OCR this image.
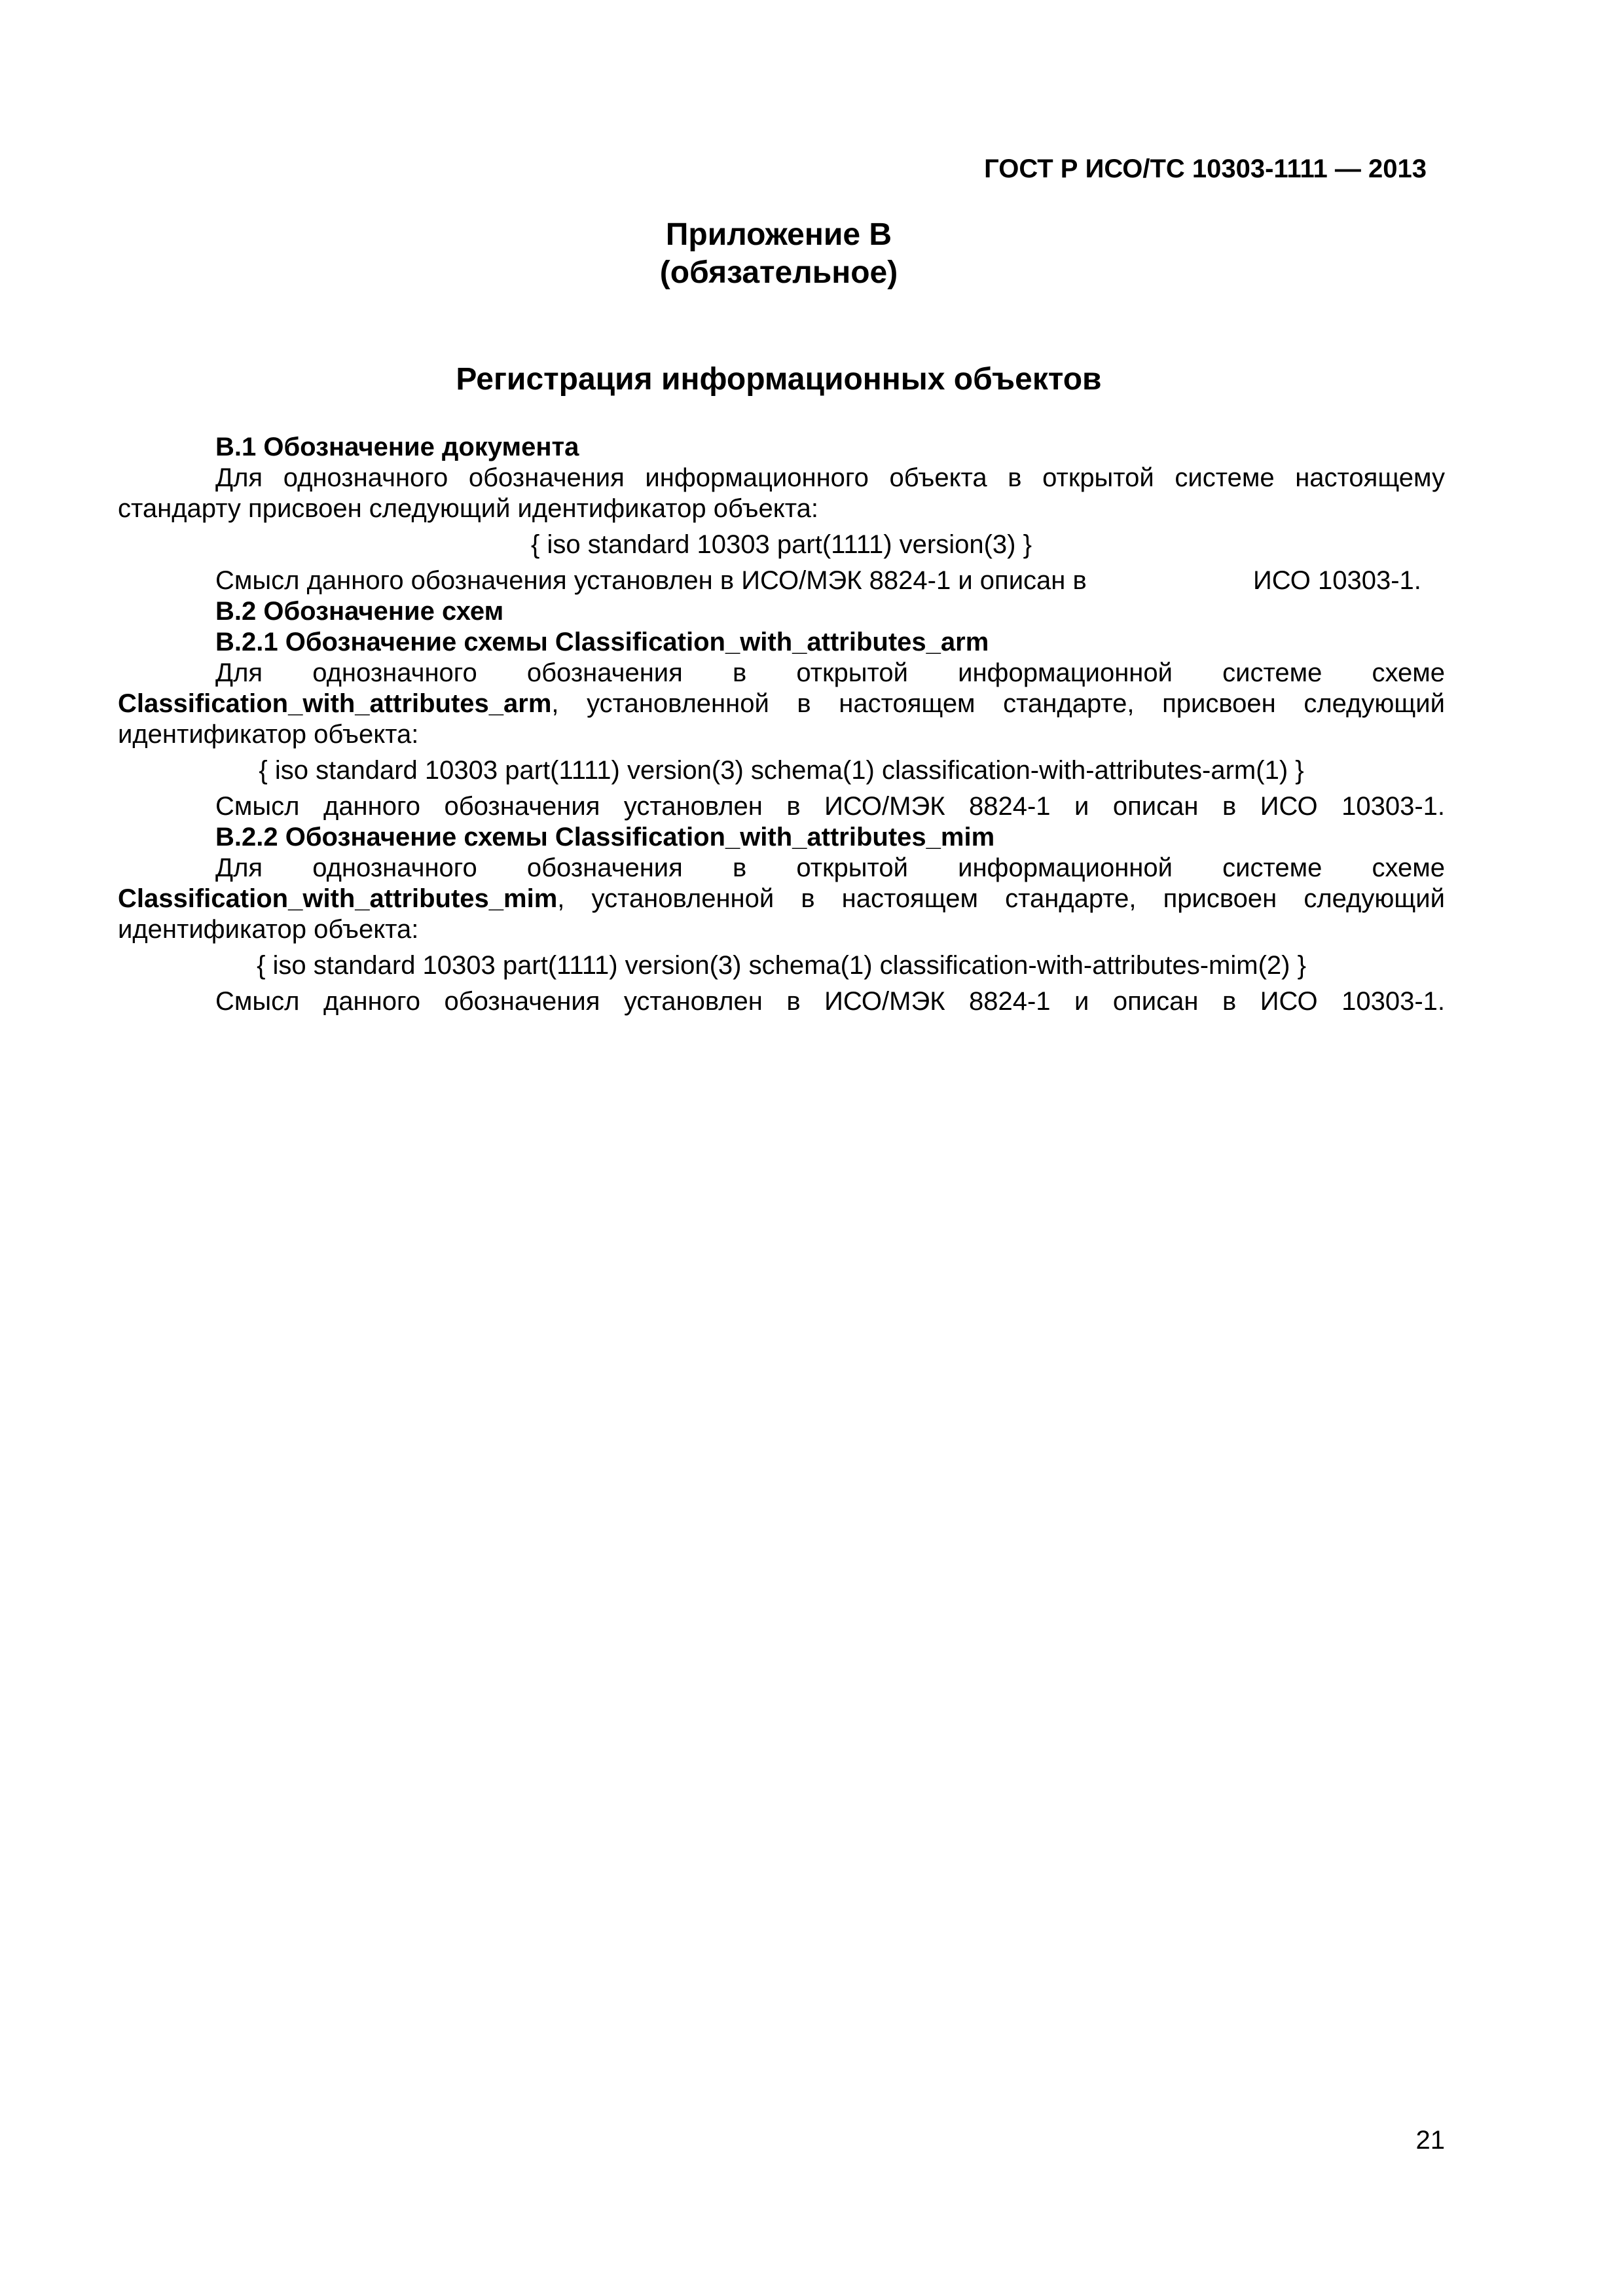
ГОСТ Р ИСО/ТС 10303-1111 — 2013
Приложение В
(обязательное)
Регистрация информационных объектов

В.1 Обозначение документа

Для однозначного обозначения информационного объекта в открытой системе настоящему стандарту присвоен следующий идентификатор объекта:

{ iso standard 10303 part(1111) version(3) }

Смысл данного обозначения установлен в ИСО/МЭК 8824-1 и описан в	ИСО 10303-1.

В.2 Обозначение схем

В.2.1 Обозначение схемы Classification_with_attributes_arm

Для однозначного обозначения в открытой информационной системе схеме Classification_with_attributes_arm, установленной в настоящем стандарте, присвоен следующий идентификатор объекта:

{ iso standard 10303 part(1111) version(3) schema(1) classification-with-attributes-arm(1) }

Смысл данного обозначения установлен в ИСО/МЭК 8824-1 и описан в ИСО 10303-1.

В.2.2 Обозначение схемы Classification_with_attributes_mim

Для однозначного обозначения в открытой информационной системе схеме Classification_with_attributes_mim, установленной в настоящем стандарте, присвоен следующий идентификатор объекта:

{ iso standard 10303 part(1111) version(3) schema(1) classification-with-attributes-mim(2) }

Смысл данного обозначения установлен в ИСО/МЭК 8824-1 и описан в ИСО 10303-1.

21
